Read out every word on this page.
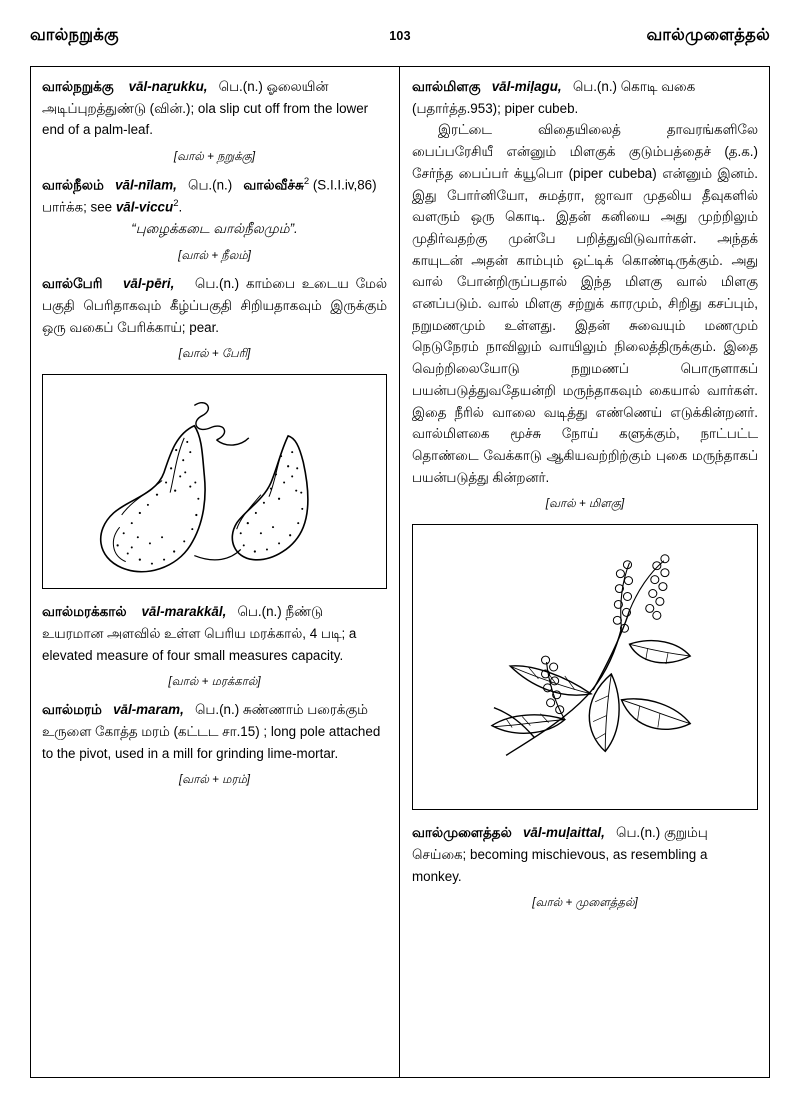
வால்நறுக்கு	103	வால்முளைத்தல்

வால்நறுக்கு vāl-naṟukku, பெ.(n.) ஓலையின் அடிப்புறத்துண்டு (வின்.); ola slip cut off from the lower end of a palm-leaf.

[வால் + நறுக்கு]

வால்நீலம் vāl-nīlam, பெ.(n.) வால்வீச்சு$^2$ (S.I.I.iv,86) பார்க்க; see vāl-viccu$^2$.

“புழைக்கடை வால்நீலமும்”.

[வால் + நீலம்]

வால்பேரி vāl-pēri, பெ.(n.) காம்பை உடைய மேல் பகுதி பெரிதாகவும் கீழ்ப்பகுதி சிறியதாகவும் இருக்கும் ஒரு வகைப் பேரிக்காய்; pear.

[வால் + பேரி]

வால்மரக்கால் vāl-marakkāl, பெ.(n.) நீண்டு உயரமான அளவில் உள்ள பெரிய மரக்கால், 4 படி; a elevated measure of four small measures capacity.

[வால் + மரக்கால்]

வால்மரம் vāl-maram, பெ.(n.) சுண்ணாம் பரைக்கும் உருளை கோத்த மரம் (கட்டட சா.15) ; long pole attached to the pivot, used in a mill for grinding lime-mortar.

[வால் + மரம்]

வால்மிளகு vāl-miḷagu, பெ.(n.) கொடி வகை (பதார்த்த.953); piper cubeb.

இரட்டை விதையிலைத் தாவரங்களிலே பைப்பரேசியீ என்னும் மிளகுக் குடும்பத்தைச் (த.க.) சேர்ந்த பைப்பர் க்யூபொ (piper cubeba) என்னும் இனம். இது போர்னியோ, சுமத்ரா, ஜாவா முதலிய தீவுகளில் வளரும் ஒரு கொடி. இதன் கனியை அது முற்றிலும் முதிர்வதற்கு முன்பே பறித்துவிடுவார்கள். அந்தக் காயுடன் அதன் காம்பும் ஒட்டிக் கொண்டிருக்கும். அது வால் போன்றிருப்பதால் இந்த மிளகு வால் மிளகு எனப்படும். வால் மிளகு சற்றுக் காரமும், சிறிது கசப்பும், நறுமணமும் உள்ளது. இதன் சுவையும் மணமும் நெடுநேரம் நாவிலும் வாயிலும் நிலைத்திருக்கும். இதை வெற்றிலையோடு நறுமணப் பொருளாகப் பயன்படுத்துவதேயன்றி மருந்தாகவும் கையால் வார்கள். இதை நீரில் வாலை வடித்து எண்ணெய் எடுக்கின்றனர். வால்மிளகை மூச்சு நோய் களுக்கும், நாட்பட்ட தொண்டை வேக்காடு ஆகியவற்றிற்கும் புகை மருந்தாகப் பயன்படுத்து கின்றனர்.

[வால் + மிளகு]

வால்முளைத்தல் vāl-muḷaittal, பெ.(n.) குறும்பு செய்கை; becoming mischievous, as resembling a monkey.

[வால் + முளைத்தல்]
